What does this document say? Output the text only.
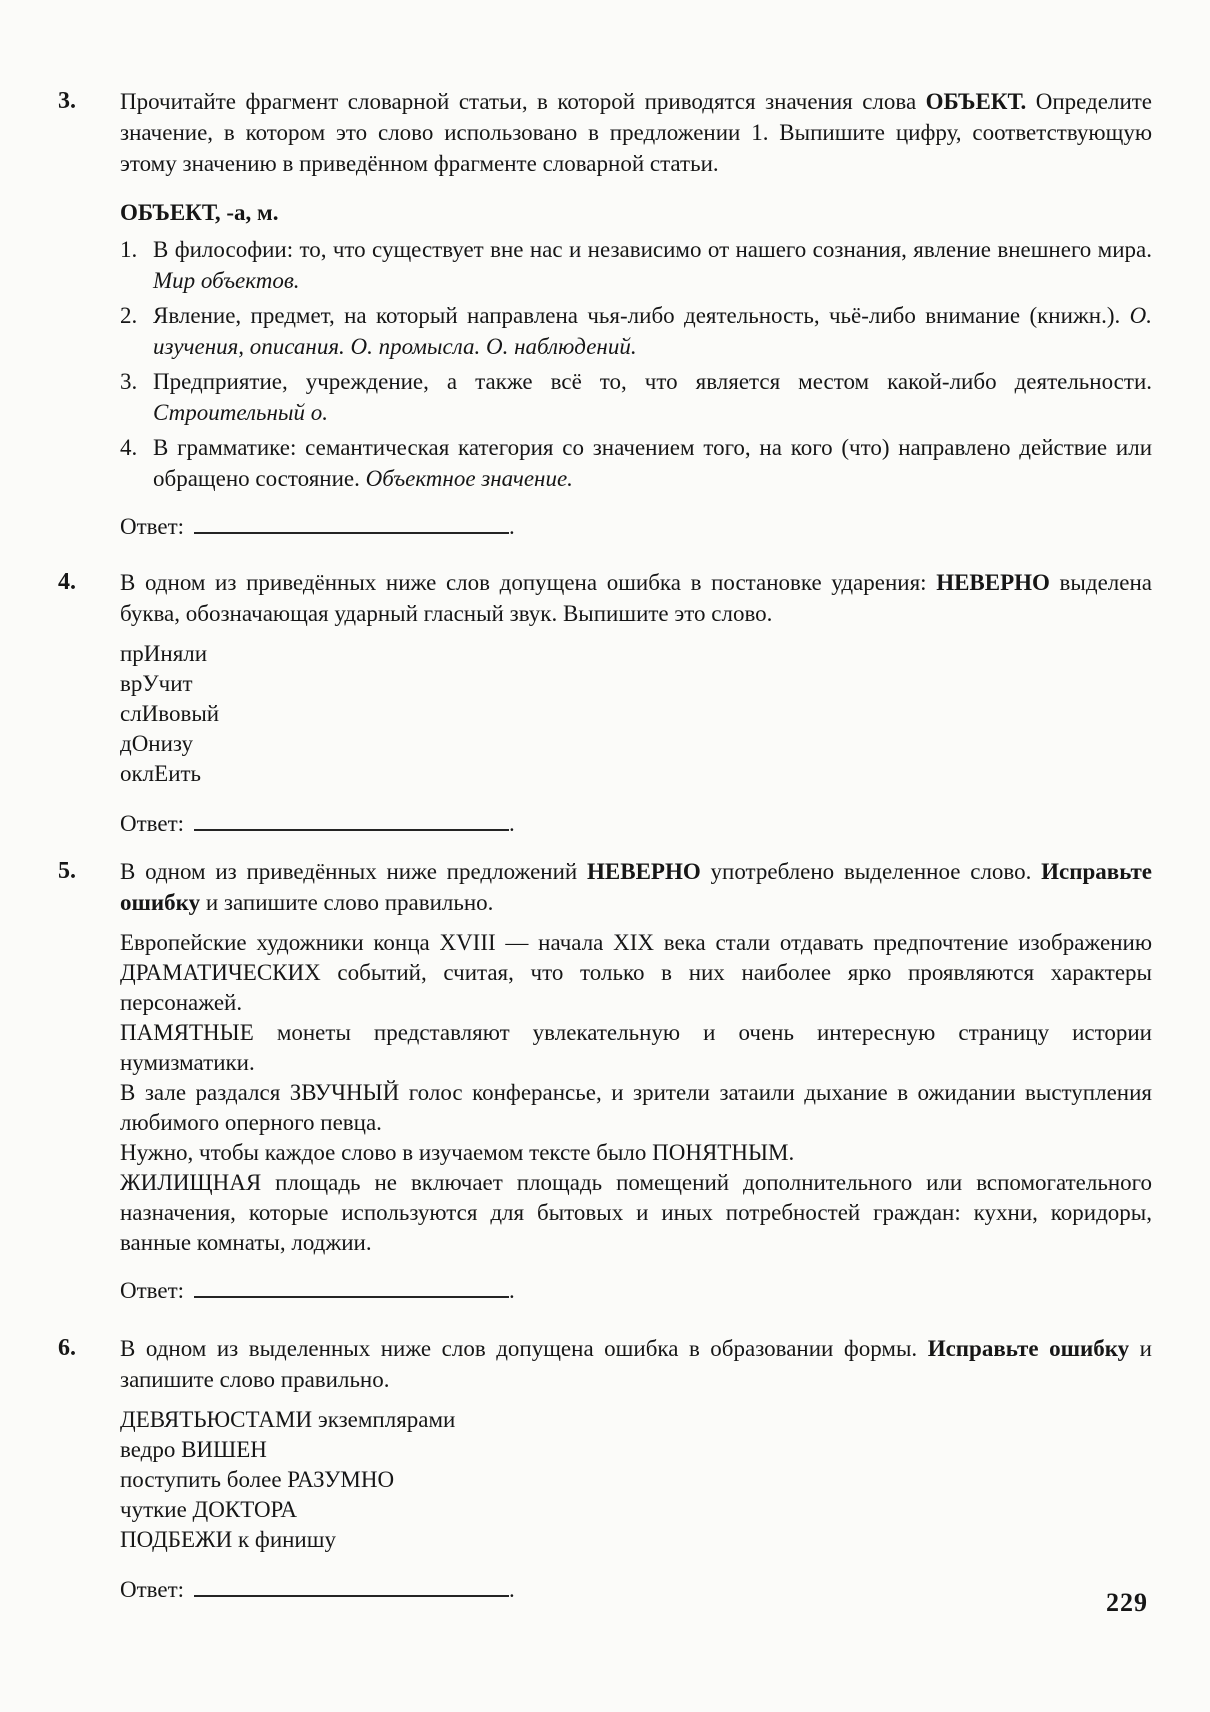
3.	Прочитайте фрагмент словарной статьи, в которой приводятся значения слова ОБЪЕКТ. Определите значение, в котором это слово использовано в предложении 1. Выпишите цифру, соответствующую этому значению в приведённом фрагменте словарной статьи.
ОБЪЕКТ, -а, м.
1. В философии: то, что существует вне нас и независимо от нашего сознания, явление внешнего мира. Мир объектов.
2. Явление, предмет, на который направлена чья-либо деятельность, чьё-либо внимание (книжн.). О. изучения, описания. О. промысла. О. наблюдений.
3. Предприятие, учреждение, а также всё то, что является местом какой-либо деятельности. Строительный о.
4. В грамматике: семантическая категория со значением того, на кого (что) направлено действие или обращено состояние. Объектное значение.
Ответ:	.
4.	В одном из приведённых ниже слов допущена ошибка в постановке ударения: НЕВЕРНО выделена буква, обозначающая ударный гласный звук. Выпишите это слово.
прИняли
врУчит
слИвовый
дОнизу
оклЕить
Ответ:	.
5.	В одном из приведённых ниже предложений НЕВЕРНО употреблено выделенное слово. Исправьте ошибку и запишите слово правильно.
Европейские художники конца XVIII — начала XIX века стали отдавать предпочтение изображению ДРАМАТИЧЕСКИХ событий, считая, что только в них наиболее ярко проявляются характеры персонажей.
ПАМЯТНЫЕ монеты представляют увлекательную и очень интересную страницу истории нумизматики.
В зале раздался ЗВУЧНЫЙ голос конферансье, и зрители затаили дыхание в ожидании выступления любимого оперного певца.
Нужно, чтобы каждое слово в изучаемом тексте было ПОНЯТНЫМ.
ЖИЛИЩНАЯ площадь не включает площадь помещений дополнительного или вспомогательного назначения, которые используются для бытовых и иных потребностей граждан: кухни, коридоры, ванные комнаты, лоджии.
Ответ:	.
6.	В одном из выделенных ниже слов допущена ошибка в образовании формы. Исправьте ошибку и запишите слово правильно.
ДЕВЯТЬЮСТАМИ экземплярами
ведро ВИШЕН
поступить более РАЗУМНО
чуткие ДОКТОРА
ПОДБЕЖИ к финишу
Ответ:	.	229
